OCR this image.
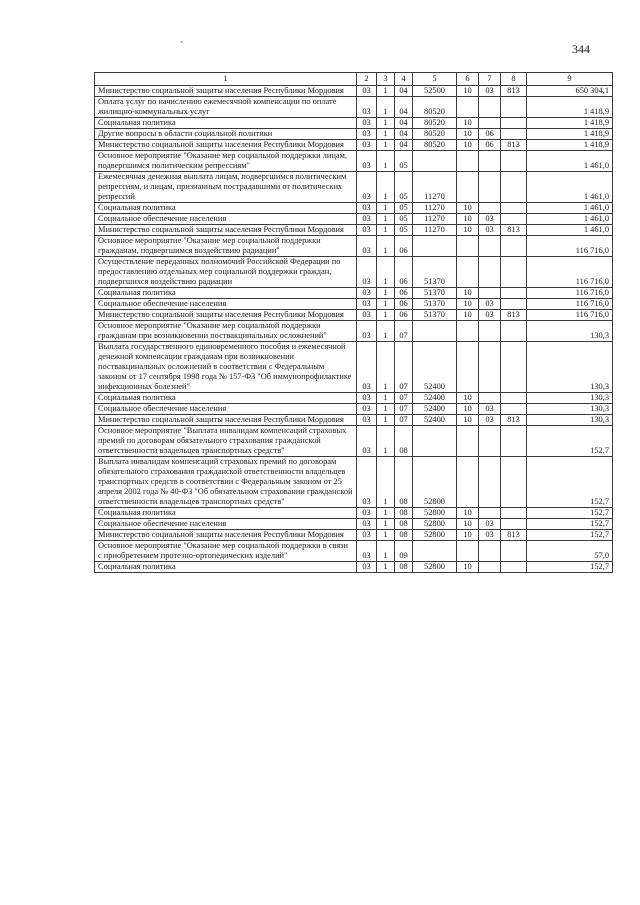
344
`
1	2	3	4	5	6	7	8	9
Министерство социальной защиты населения Республики Мордовия	03	1	04	52500	10	03	813	650 304,1
Оплата услуг по начислению ежемесячной компенсации по оплате жилищно-коммунальных услуг	03	1	04	80520				1 418,9
Социальная политика	03	1	04	80520	10			1 418,9
Другие вопросы в области социальной политики	03	1	04	80520	10	06		1 418,9
Министерство социальной защиты населения Республики Мордовия	03	1	04	80520	10	06	813	1 418,9
Основное мероприятие "Оказание мер социальной поддержки лицам, подвергшимся политическим репрессиям"	03	1	05					1 461,0
Ежемесячная денежная выплата лицам, подвергшимся политическим репрессиям, и лицам, признанным пострадавшими от политических репрессий	03	1	05	11270				1 461,0
Социальная политика	03	1	05	11270	10			1 461,0
Социальное обеспечение населения	03	1	05	11270	10	03		1 461,0
Министерство социальной защиты населения Республики Мордовия	03	1	05	11270	10	03	813	1 461,0
Основное мероприятие "Оказание мер социальной поддержки гражданам, подвергшимся воздействию радиации"	03	1	06					116 716,0
Осуществление переданных полномочий Российской Федерации по предоставлению отдельных мер социальной поддержки граждан, подвергшихся воздействию радиации	03	1	06	51370				116 716,0
Социальная политика	03	1	06	51370	10			116 716,0
Социальное обеспечение населения	03	1	06	51370	10	03		116 716,0
Министерство социальной защиты населения Республики Мордовия	03	1	06	51370	10	03	813	116 716,0
Основное мероприятие "Оказание мер социальной поддержки гражданам при возникновении поствакцинальных осложнений"	03	1	07					130,3
Выплата государственного единовременного пособия и ежемесячной денежной компенсации гражданам при возникновении поствакцинальных осложнений в соответствии с Федеральным законом от 17 сентября 1998 года № 157-ФЗ "Об иммунопрофилактике инфекционных болезней"	03	1	07	52400				130,3
Социальная политика	03	1	07	52400	10			130,3
Социальное обеспечение населения	03	1	07	52400	10	03		130,3
Министерство социальной защиты населения Республики Мордовия	03	1	07	52400	10	03	813	130,3
Основное мероприятие "Выплата инвалидам компенсаций страховых премий по договорам обязательного страхования гражданской ответственности владельцев транспортных средств"	03	1	08					152,7
Выплата инвалидам компенсаций страховых премий по договорам обязательного страхования гражданской ответственности владельцев транспортных средств в соответствии с Федеральным законом от 25 апреля 2002 года № 40-ФЗ "Об обязательном страховании гражданской ответственности владельцев транспортных средств"	03	1	08	52800				152,7
Социальная политика	03	1	08	52800	10			152,7
Социальное обеспечение населения	03	1	08	52800	10	03		152,7
Министерство социальной защиты населения Республики Мордовия	03	1	08	52800	10	03	813	152,7
Основное мероприятие "Оказание мер социальной поддержки в связи с приобретением протезно-ортопедических изделий"	03	1	09					57,0
Социальная политика	03	1	08	52800	10			152,7
